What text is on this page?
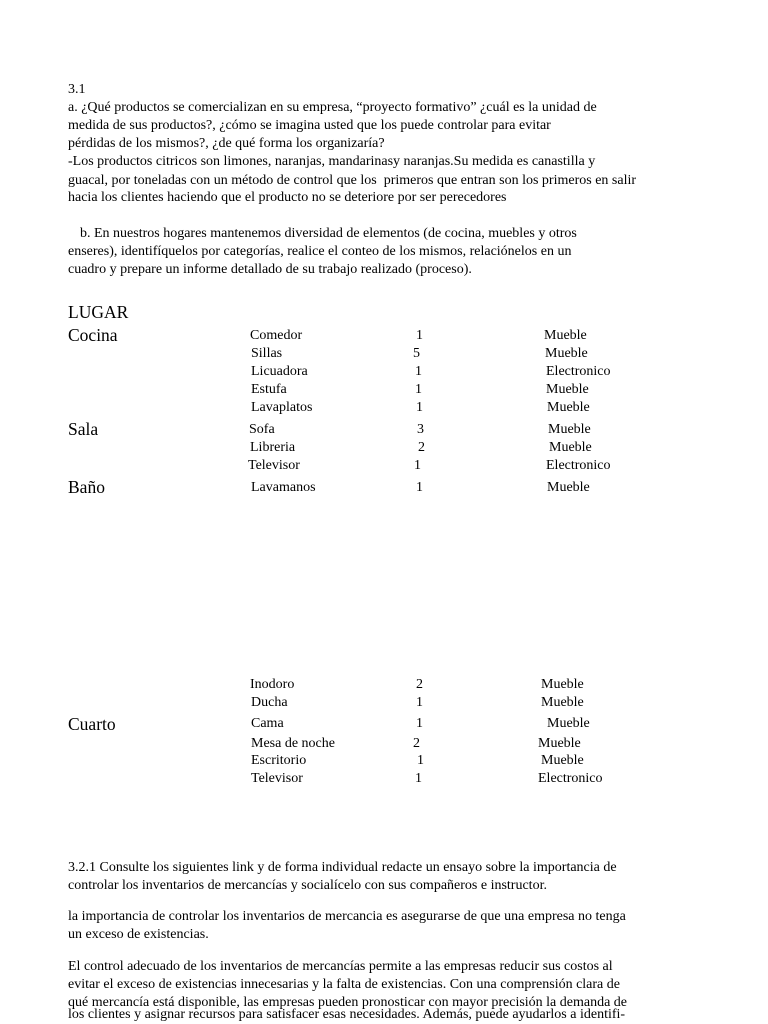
3.1
a. ¿Qué productos se comercializan en su empresa, “proyecto formativo” ¿cuál es la unidad de
medida de sus productos?, ¿cómo se imagina usted que los puede controlar para evitar
pérdidas de los mismos?, ¿de qué forma los organizaría?
-Los productos citricos son limones, naranjas, mandarinasy naranjas.Su medida es canastilla y
guacal, por toneladas con un método de control que los  primeros que entran son los primeros en salir
hacia los clientes haciendo que el producto no se deteriore por ser perecedores
b. En nuestros hogares mantenemos diversidad de elementos (de cocina, muebles y otros
enseres), identifíquelos por categorías, realice el conteo de los mismos, relaciónelos en un
cuadro y prepare un informe detallado de su trabajo realizado (proceso).
LUGAR
Cocina	Comedor	1	Mueble
Sillas	5	Mueble
Licuadora	1	Electronico
Estufa	1	Mueble
Lavaplatos	1	Mueble
Sala	Sofa	3	Mueble
Libreria	2	Mueble
Televisor	1	Electronico
Baño	Lavamanos	1	Mueble
Inodoro	2	Mueble
Ducha	1	Mueble
Cuarto	Cama	1	Mueble
Mesa de noche	2	Mueble
Escritorio	1	Mueble
Televisor	1	Electronico
3.2.1 Consulte los siguientes link y de forma individual redacte un ensayo sobre la importancia de
controlar los inventarios de mercancías y socialícelo con sus compañeros e instructor.
la importancia de controlar los inventarios de mercancia es asegurarse de que una empresa no tenga
un exceso de existencias.
El control adecuado de los inventarios de mercancías permite a las empresas reducir sus costos al
evitar el exceso de existencias innecesarias y la falta de existencias. Con una comprensión clara de
qué mercancía está disponible, las empresas pueden pronosticar con mayor precisión la demanda de
los clientes y asignar recursos para satisfacer esas necesidades. Además, puede ayudarlos a identifi-
